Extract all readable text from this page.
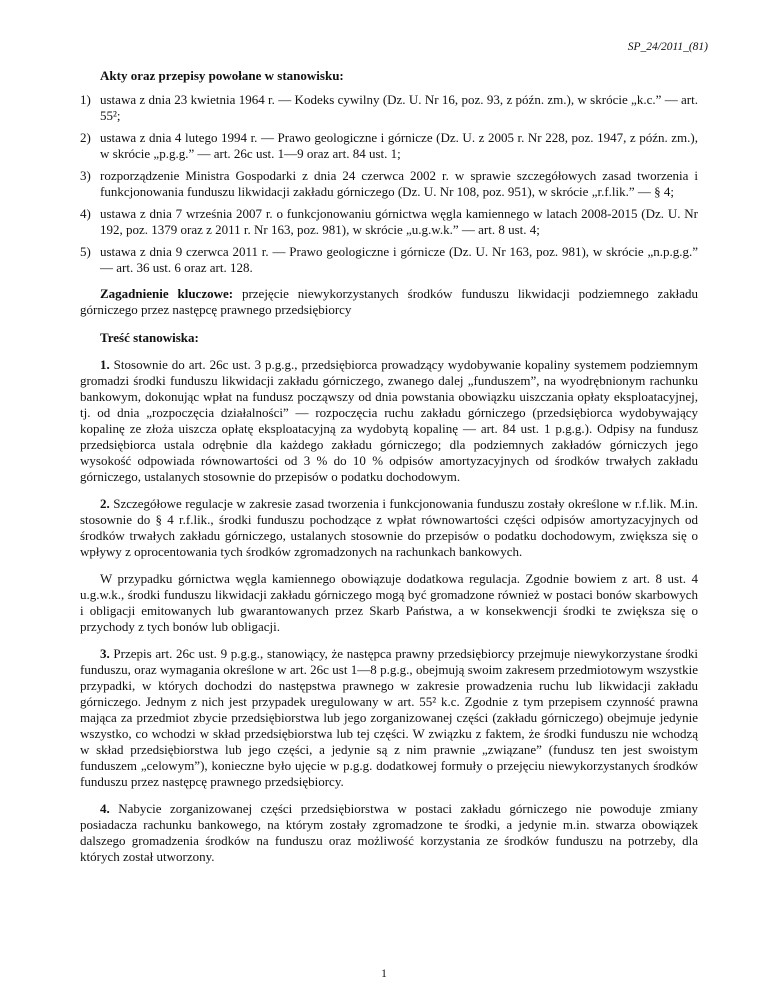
SP_24/2011_(81)
Akty oraz przepisy powołane w stanowisku:
1) ustawa z dnia 23 kwietnia 1964 r. — Kodeks cywilny (Dz. U. Nr 16, poz. 93, z późn. zm.), w skrócie „k.c.” — art. 55²;
2) ustawa z dnia 4 lutego 1994 r. — Prawo geologiczne i górnicze (Dz. U. z 2005 r. Nr 228, poz. 1947, z późn. zm.), w skrócie „p.g.g.” — art. 26c ust. 1—9 oraz art. 84 ust. 1;
3) rozporządzenie Ministra Gospodarki z dnia 24 czerwca 2002 r. w sprawie szczegółowych zasad tworzenia i funkcjonowania funduszu likwidacji zakładu górniczego (Dz. U. Nr 108, poz. 951), w skrócie „r.f.lik.” — § 4;
4) ustawa z dnia 7 września 2007 r. o funkcjonowaniu górnictwa węgla kamiennego w latach 2008-2015 (Dz. U. Nr 192, poz. 1379 oraz z 2011 r. Nr 163, poz. 981), w skrócie „u.g.w.k.” — art. 8 ust. 4;
5) ustawa z dnia 9 czerwca 2011 r. — Prawo geologiczne i górnicze (Dz. U. Nr 163, poz. 981), w skrócie „n.p.g.g.” — art. 36 ust. 6 oraz art. 128.
Zagadnienie kluczowe: przejęcie niewykorzystanych środków funduszu likwidacji podziemnego zakładu górniczego przez następcę prawnego przedsiębiorcy
Treść stanowiska:
1. Stosownie do art. 26c ust. 3 p.g.g., przedsiębiorca prowadzący wydobywanie kopaliny systemem podziemnym gromadzi środki funduszu likwidacji zakładu górniczego, zwanego dalej „funduszem”, na wyodrębnionym rachunku bankowym, dokonując wpłat na fundusz począwszy od dnia powstania obowiązku uiszczania opłaty eksploatacyjnej, tj. od dnia „rozpoczęcia działalności” — rozpoczęcia ruchu zakładu górniczego (przedsiębiorca wydobywający kopalinę ze złoża uiszcza opłatę eksploatacyjną za wydobytą kopalinę — art. 84 ust. 1 p.g.g.). Odpisy na fundusz przedsiębiorca ustala odrębnie dla każdego zakładu górniczego; dla podziemnych zakładów górniczych jego wysokość odpowiada równowartości od 3 % do 10 % odpisów amortyzacyjnych od środków trwałych zakładu górniczego, ustalanych stosownie do przepisów o podatku dochodowym.
2. Szczegółowe regulacje w zakresie zasad tworzenia i funkcjonowania funduszu zostały określone w r.f.lik. M.in. stosownie do § 4 r.f.lik., środki funduszu pochodzące z wpłat równowartości części odpisów amortyzacyjnych od środków trwałych zakładu górniczego, ustalanych stosownie do przepisów o podatku dochodowym, zwiększa się o wpływy z oprocentowania tych środków zgromadzonych na rachunkach bankowych.
W przypadku górnictwa węgla kamiennego obowiązuje dodatkowa regulacja. Zgodnie bowiem z art. 8 ust. 4 u.g.w.k., środki funduszu likwidacji zakładu górniczego mogą być gromadzone również w postaci bonów skarbowych i obligacji emitowanych lub gwarantowanych przez Skarb Państwa, a w konsekwencji środki te zwiększa się o przychody z tych bonów lub obligacji.
3. Przepis art. 26c ust. 9 p.g.g., stanowiący, że następca prawny przedsiębiorcy przejmuje niewykorzystane środki funduszu, oraz wymagania określone w art. 26c ust 1—8 p.g.g., obejmują swoim zakresem przedmiotowym wszystkie przypadki, w których dochodzi do następstwa prawnego w zakresie prowadzenia ruchu lub likwidacji zakładu górniczego. Jednym z nich jest przypadek uregulowany w art. 55² k.c. Zgodnie z tym przepisem czynność prawna mająca za przedmiot zbycie przedsiębiorstwa lub jego zorganizowanej części (zakładu górniczego) obejmuje jedynie wszystko, co wchodzi w skład przedsiębiorstwa lub tej części. W związku z faktem, że środki funduszu nie wchodzą w skład przedsiębiorstwa lub jego części, a jedynie są z nim prawnie „związane” (fundusz ten jest swoistym funduszem „celowym”), konieczne było ujęcie w p.g.g. dodatkowej formuły o przejęciu niewykorzystanych środków funduszu przez następcę prawnego przedsiębiorcy.
4. Nabycie zorganizowanej części przedsiębiorstwa w postaci zakładu górniczego nie powoduje zmiany posiadacza rachunku bankowego, na którym zostały zgromadzone te środki, a jedynie m.in. stwarza obowiązek dalszego gromadzenia środków na funduszu oraz możliwość korzystania ze środków funduszu na potrzeby, dla których został utworzony.
1
